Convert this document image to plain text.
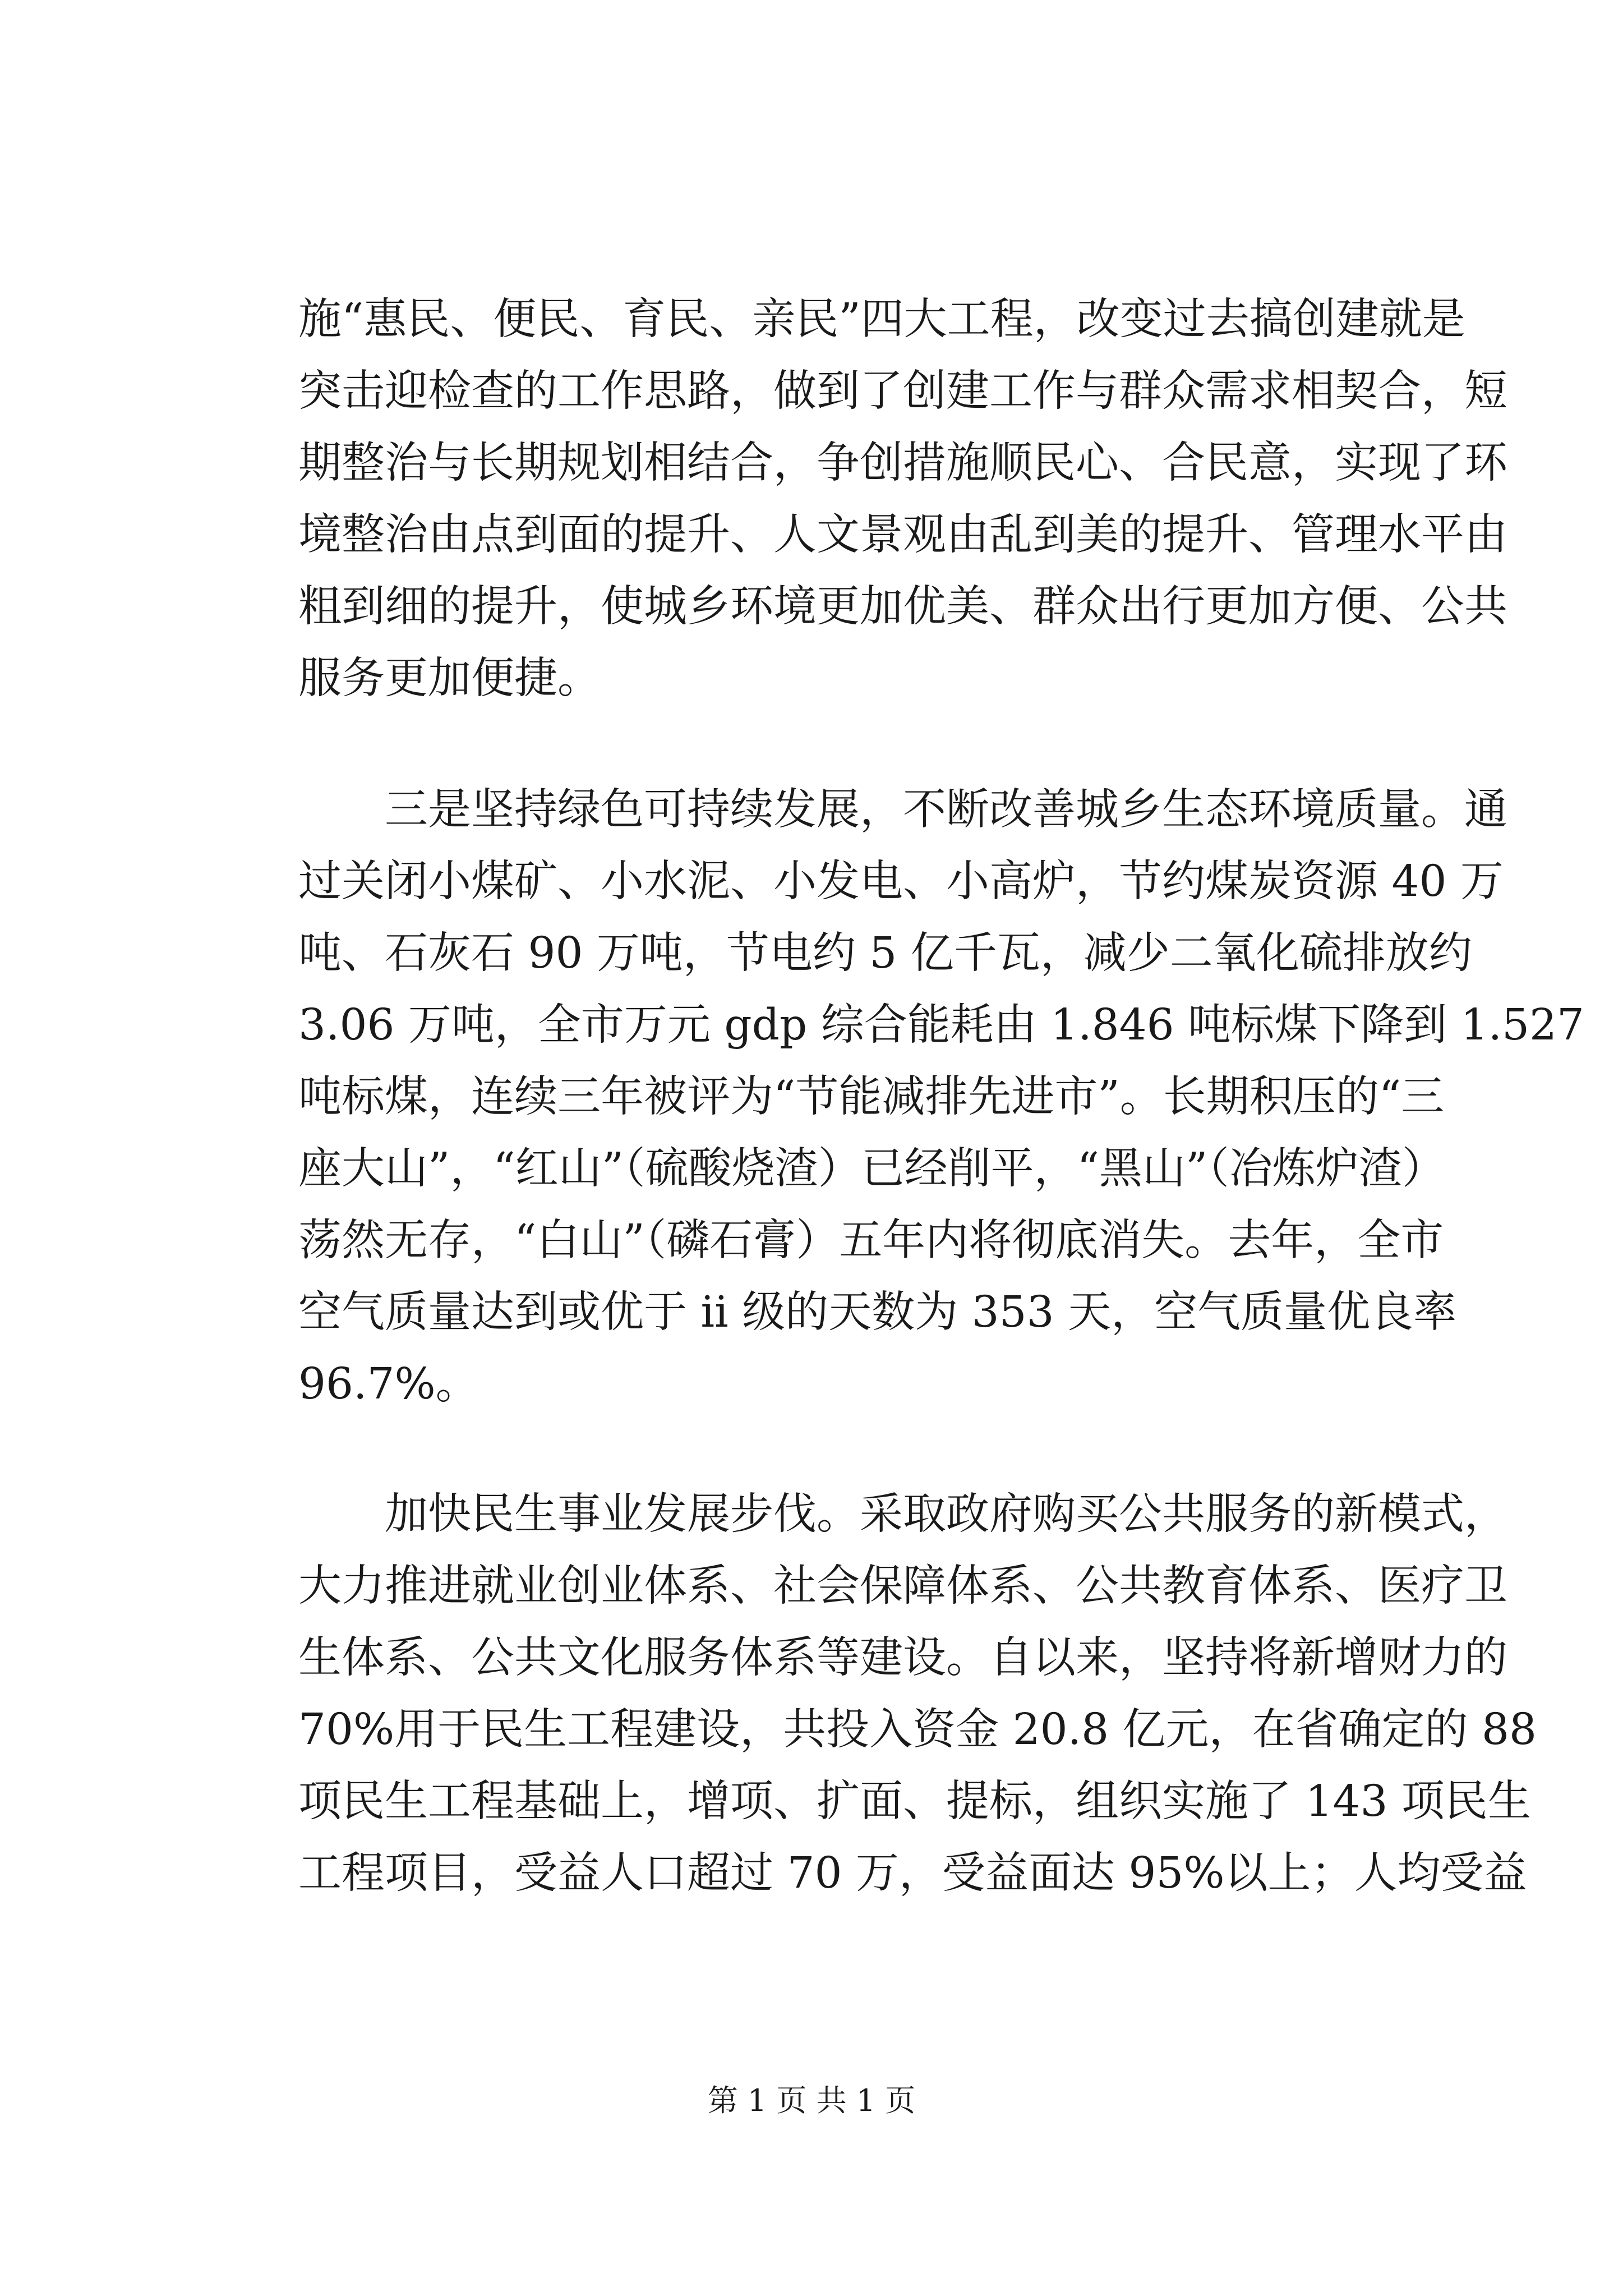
施“惠民、便民、育民、亲民”四大工程，改变过去搞创建就是
突击迎检查的工作思路，做到了创建工作与群众需求相契合，短
期整治与长期规划相结合，争创措施顺民心、合民意，实现了环
境整治由点到面的提升、人文景观由乱到美的提升、管理水平由
粗到细的提升，使城乡环境更加优美、群众出行更加方便、公共
服务更加便捷。
　　三是坚持绿色可持续发展，不断改善城乡生态环境质量。通
过关闭小煤矿、小水泥、小发电、小高炉，节约煤炭资源 40 万
吨、石灰石 90 万吨，节电约 5 亿千瓦，减少二氧化硫排放约
3.06 万吨，全市万元 gdp 综合能耗由 1.846 吨标煤下降到 1.527
吨标煤，连续三年被评为“节能减排先进市”。长期积压的“三
座大山”，“红山”（硫酸烧渣）已经削平，“黑山”（冶炼炉渣）
荡然无存，“白山”（磷石膏）五年内将彻底消失。去年，全市
空气质量达到或优于 ii 级的天数为 353 天，空气质量优良率
96.7%。
　　加快民生事业发展步伐。采取政府购买公共服务的新模式，
大力推进就业创业体系、社会保障体系、公共教育体系、医疗卫
生体系、公共文化服务体系等建设。自以来，坚持将新增财力的
70%用于民生工程建设，共投入资金 20.8 亿元，在省确定的 88
项民生工程基础上，增项、扩面、提标，组织实施了 143 项民生
工程项目，受益人口超过 70 万，受益面达 95%以上；人均受益
第 1 页 共 1 页
